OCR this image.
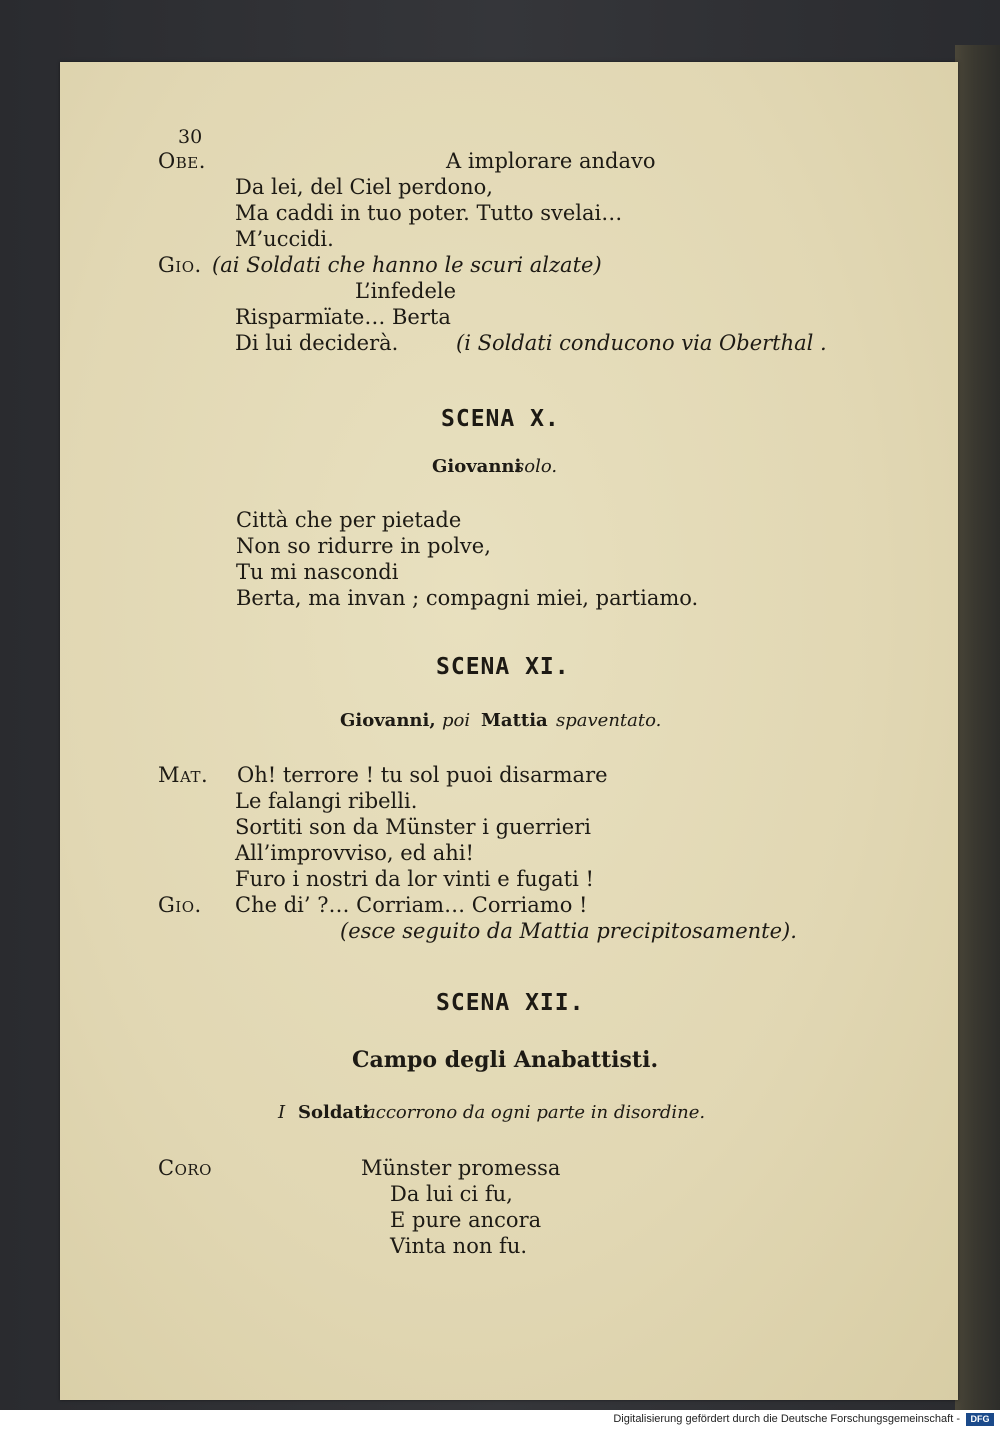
30
Obe.	A implorare andavo
Da lei, del Ciel perdono,
Ma caddi in tuo poter. Tutto svelai…
M’uccidi.
Gio. (ai Soldati che hanno le scuri alzate)
L’infedele
Risparmïate… Berta
Di lui deciderà.	(i Soldati conducono via Oberthal .
SCENA X.
Giovanni
solo.
Città che per pietade
Non so ridurre in polve,
Tu mi nascondi
Berta, ma invan ; compagni miei, partiamo.
SCENA XI.
Giovanni, poi Mattia spaventato.
Mat. Oh! terrore ! tu sol puoi disarmare
Le falangi ribelli.
Sortiti son da Münster i guerrieri
All’improvviso, ed ahi!
Furo i nostri da lor vinti e fugati !
Gio. Che di’ ?… Corriam… Corriamo !
(esce seguito da Mattia precipitosamente).
SCENA XII.
Campo degli Anabattisti.
I Soldati
accorrono da ogni parte in disordine.
Coro	Münster promessa
Da lui ci fu,
E pure ancora
Vinta non fu.
Digitalisierung gefördert durch die Deutsche Forschungsgemeinschaft -	DFG
